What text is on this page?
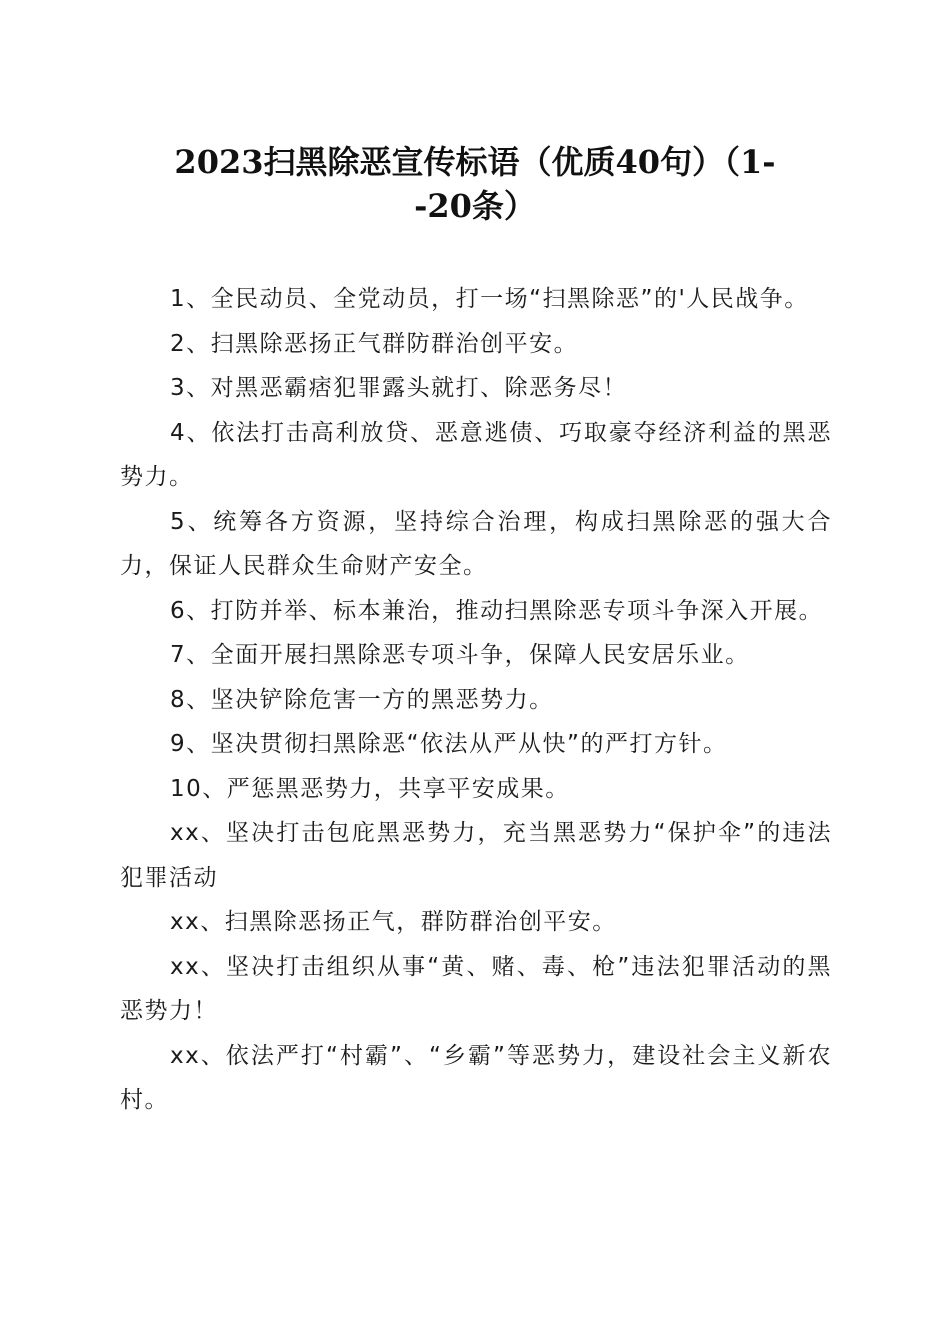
2023扫黑除恶宣传标语（优质40句）（1-
-20条）

1、全民动员、全党动员，打一场“扫黑除恶”的'人民战争。

2、扫黑除恶扬正气群防群治创平安。

3、对黑恶霸痞犯罪露头就打、除恶务尽！

4、依法打击高利放贷、恶意逃债、巧取豪夺经济利益的黑恶势力。

5、统筹各方资源，坚持综合治理，构成扫黑除恶的强大合力，保证人民群众生命财产安全。

6、打防并举、标本兼治，推动扫黑除恶专项斗争深入开展。

7、全面开展扫黑除恶专项斗争，保障人民安居乐业。

8、坚决铲除危害一方的黑恶势力。

9、坚决贯彻扫黑除恶“依法从严从快”的严打方针。

10、严惩黑恶势力，共享平安成果。

xx、坚决打击包庇黑恶势力，充当黑恶势力“保护伞”的违法犯罪活动

xx、扫黑除恶扬正气，群防群治创平安。

xx、坚决打击组织从事“黄、赌、毒、枪”违法犯罪活动的黑恶势力！

xx、依法严打“村霸”、“乡霸”等恶势力，建设社会主义新农村。
